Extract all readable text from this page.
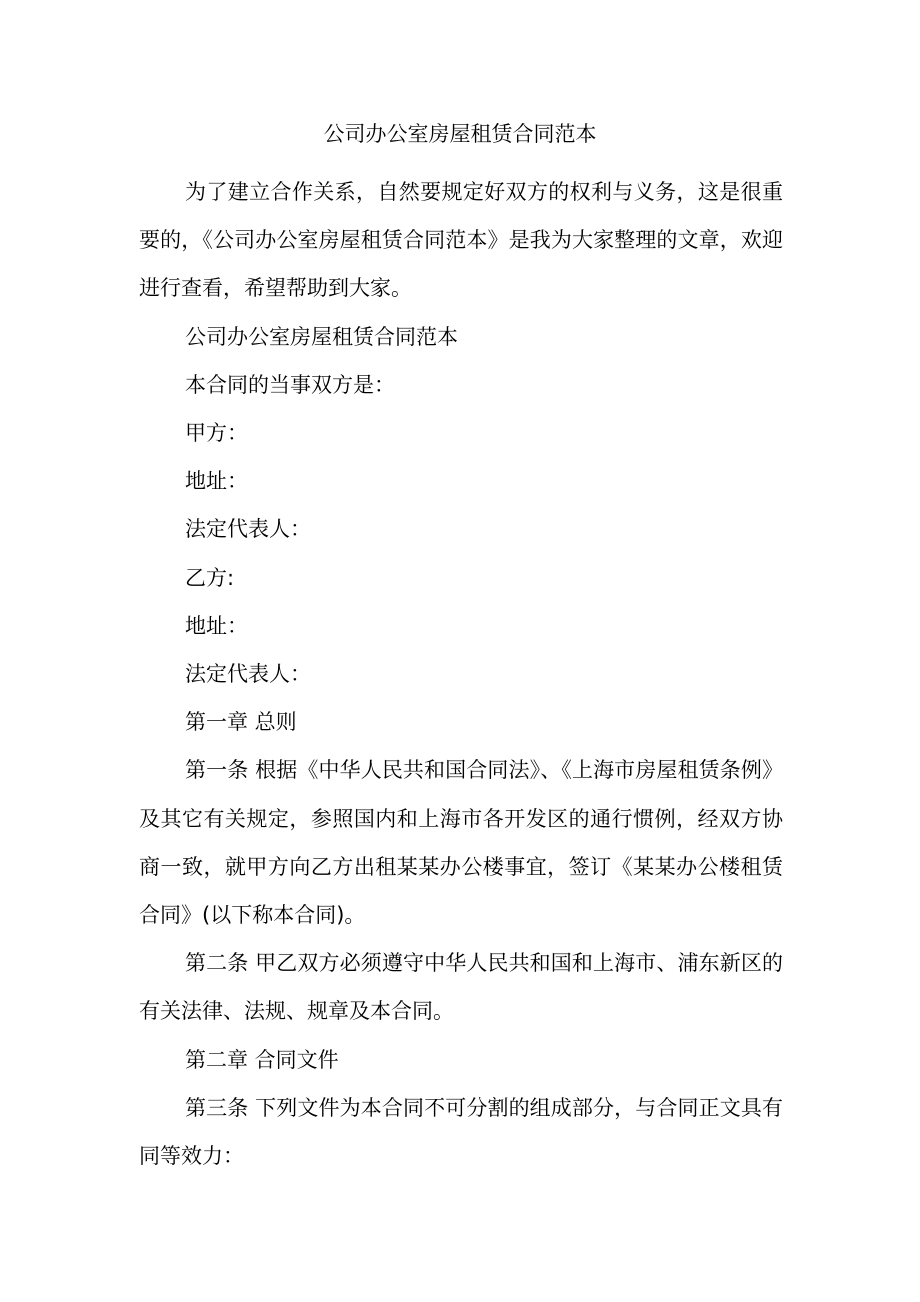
公司办公室房屋租赁合同范本

为了建立合作关系，自然要规定好双方的权利与义务，这是很重要的，《公司办公室房屋租赁合同范本》是我为大家整理的文章，欢迎进行查看，希望帮助到大家。

公司办公室房屋租赁合同范本

本合同的当事双方是：

甲方：

地址：

法定代表人：

乙方:

地址：

法定代表人：

第一章 总则

第一条 根据《中华人民共和国合同法》、《上海市房屋租赁条例》及其它有关规定，参照国内和上海市各开发区的通行惯例，经双方协商一致，就甲方向乙方出租某某办公楼事宜，签订《某某办公楼租赁合同》(以下称本合同)。

第二条 甲乙双方必须遵守中华人民共和国和上海市、浦东新区的有关法律、法规、规章及本合同。

第二章 合同文件

第三条 下列文件为本合同不可分割的组成部分，与合同正文具有同等效力：
